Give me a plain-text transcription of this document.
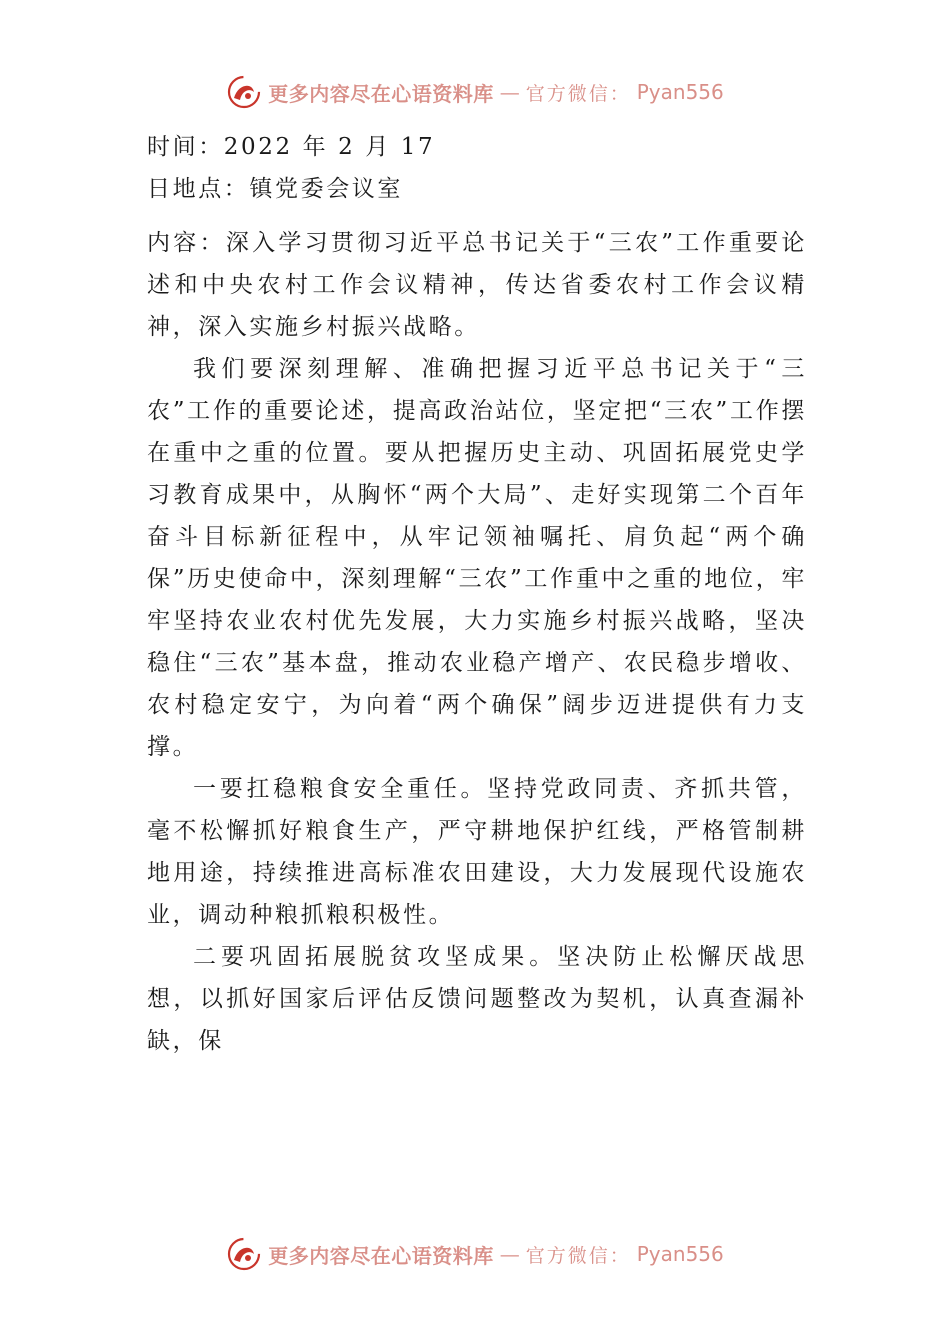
更多内容尽在心语资料库 — 官方微信： Pyan556

时间：2022 年 2 月 17

日地点：镇党委会议室

内容：深入学习贯彻习近平总书记关于“三农”工作重要论述和中央农村工作会议精神，传达省委农村工作会议精神，深入实施乡村振兴战略。

我们要深刻理解、准确把握习近平总书记关于“三农”工作的重要论述，提高政治站位，坚定把“三农”工作摆在重中之重的位置。要从把握历史主动、巩固拓展党史学习教育成果中，从胸怀“两个大局”、走好实现第二个百年奋斗目标新征程中，从牢记领袖嘱托、肩负起“两个确保”历史使命中，深刻理解“三农”工作重中之重的地位，牢牢坚持农业农村优先发展，大力实施乡村振兴战略，坚决稳住“三农”基本盘，推动农业稳产增产、农民稳步增收、农村稳定安宁，为向着“两个确保”阔步迈进提供有力支撑。

一要扛稳粮食安全重任。坚持党政同责、齐抓共管，毫不松懈抓好粮食生产，严守耕地保护红线，严格管制耕地用途，持续推进高标准农田建设，大力发展现代设施农业，调动种粮抓粮积极性。

二要巩固拓展脱贫攻坚成果。坚决防止松懈厌战思想，以抓好国家后评估反馈问题整改为契机，认真查漏补缺，保

更多内容尽在心语资料库 — 官方微信： Pyan556
